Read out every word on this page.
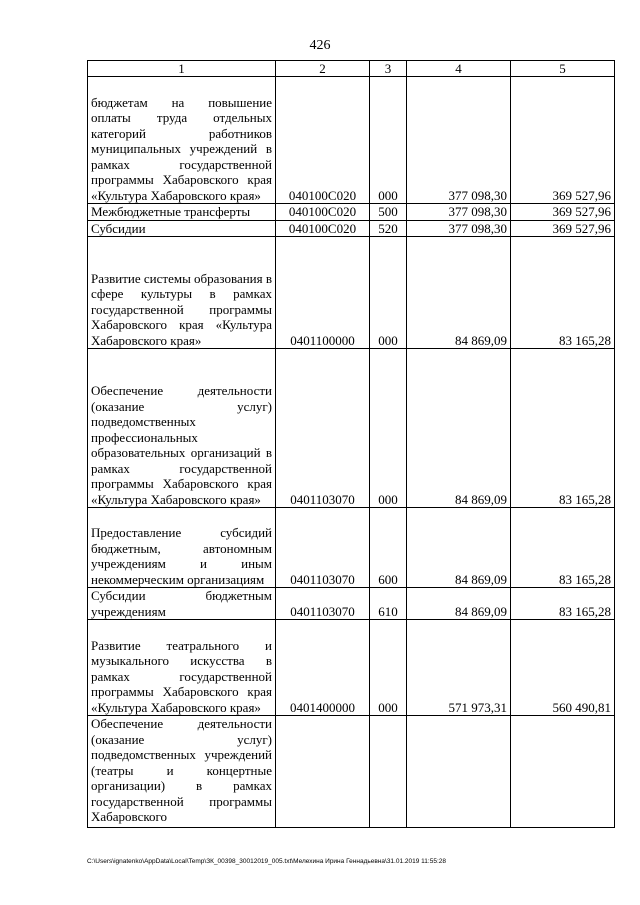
426
1	2	3	4	5
бюджетам на повышение оплаты труда отдельных категорий работников муниципальных учреждений в рамках государственной программы Хабаровского края «Культура Хабаровского края»	040100С020	000	377 098,30	369 527,96
Межбюджетные трансферты	040100С020	500	377 098,30	369 527,96
Субсидии	040100С020	520	377 098,30	369 527,96
Развитие системы образования в сфере культуры в рамках государственной программы Хабаровского края «Культура Хабаровского края»	0401100000	000	84 869,09	83 165,28
Обеспечение деятельности (оказание услуг) подведомственных профессиональных образовательных организаций в рамках государственной программы Хабаровского края «Культура Хабаровского края»	0401103070	000	84 869,09	83 165,28
Предоставление субсидий бюджетным, автономным учреждениям и иным некоммерческим организациям	0401103070	600	84 869,09	83 165,28
Субсидии бюджетным учреждениям	0401103070	610	84 869,09	83 165,28
Развитие театрального и музыкального искусства в рамках государственной программы Хабаровского края «Культура Хабаровского края»	0401400000	000	571 973,31	560 490,81
Обеспечение деятельности (оказание услуг) подведомственных учреждений (театры и концертные организации) в рамках государственной программы Хабаровского				
C:\Users\ignatenko\AppData\Local\Temp\ЗК_00398_30012019_005.txt\Мелехина Ирина Геннадьевна\31.01.2019 11:55:28
